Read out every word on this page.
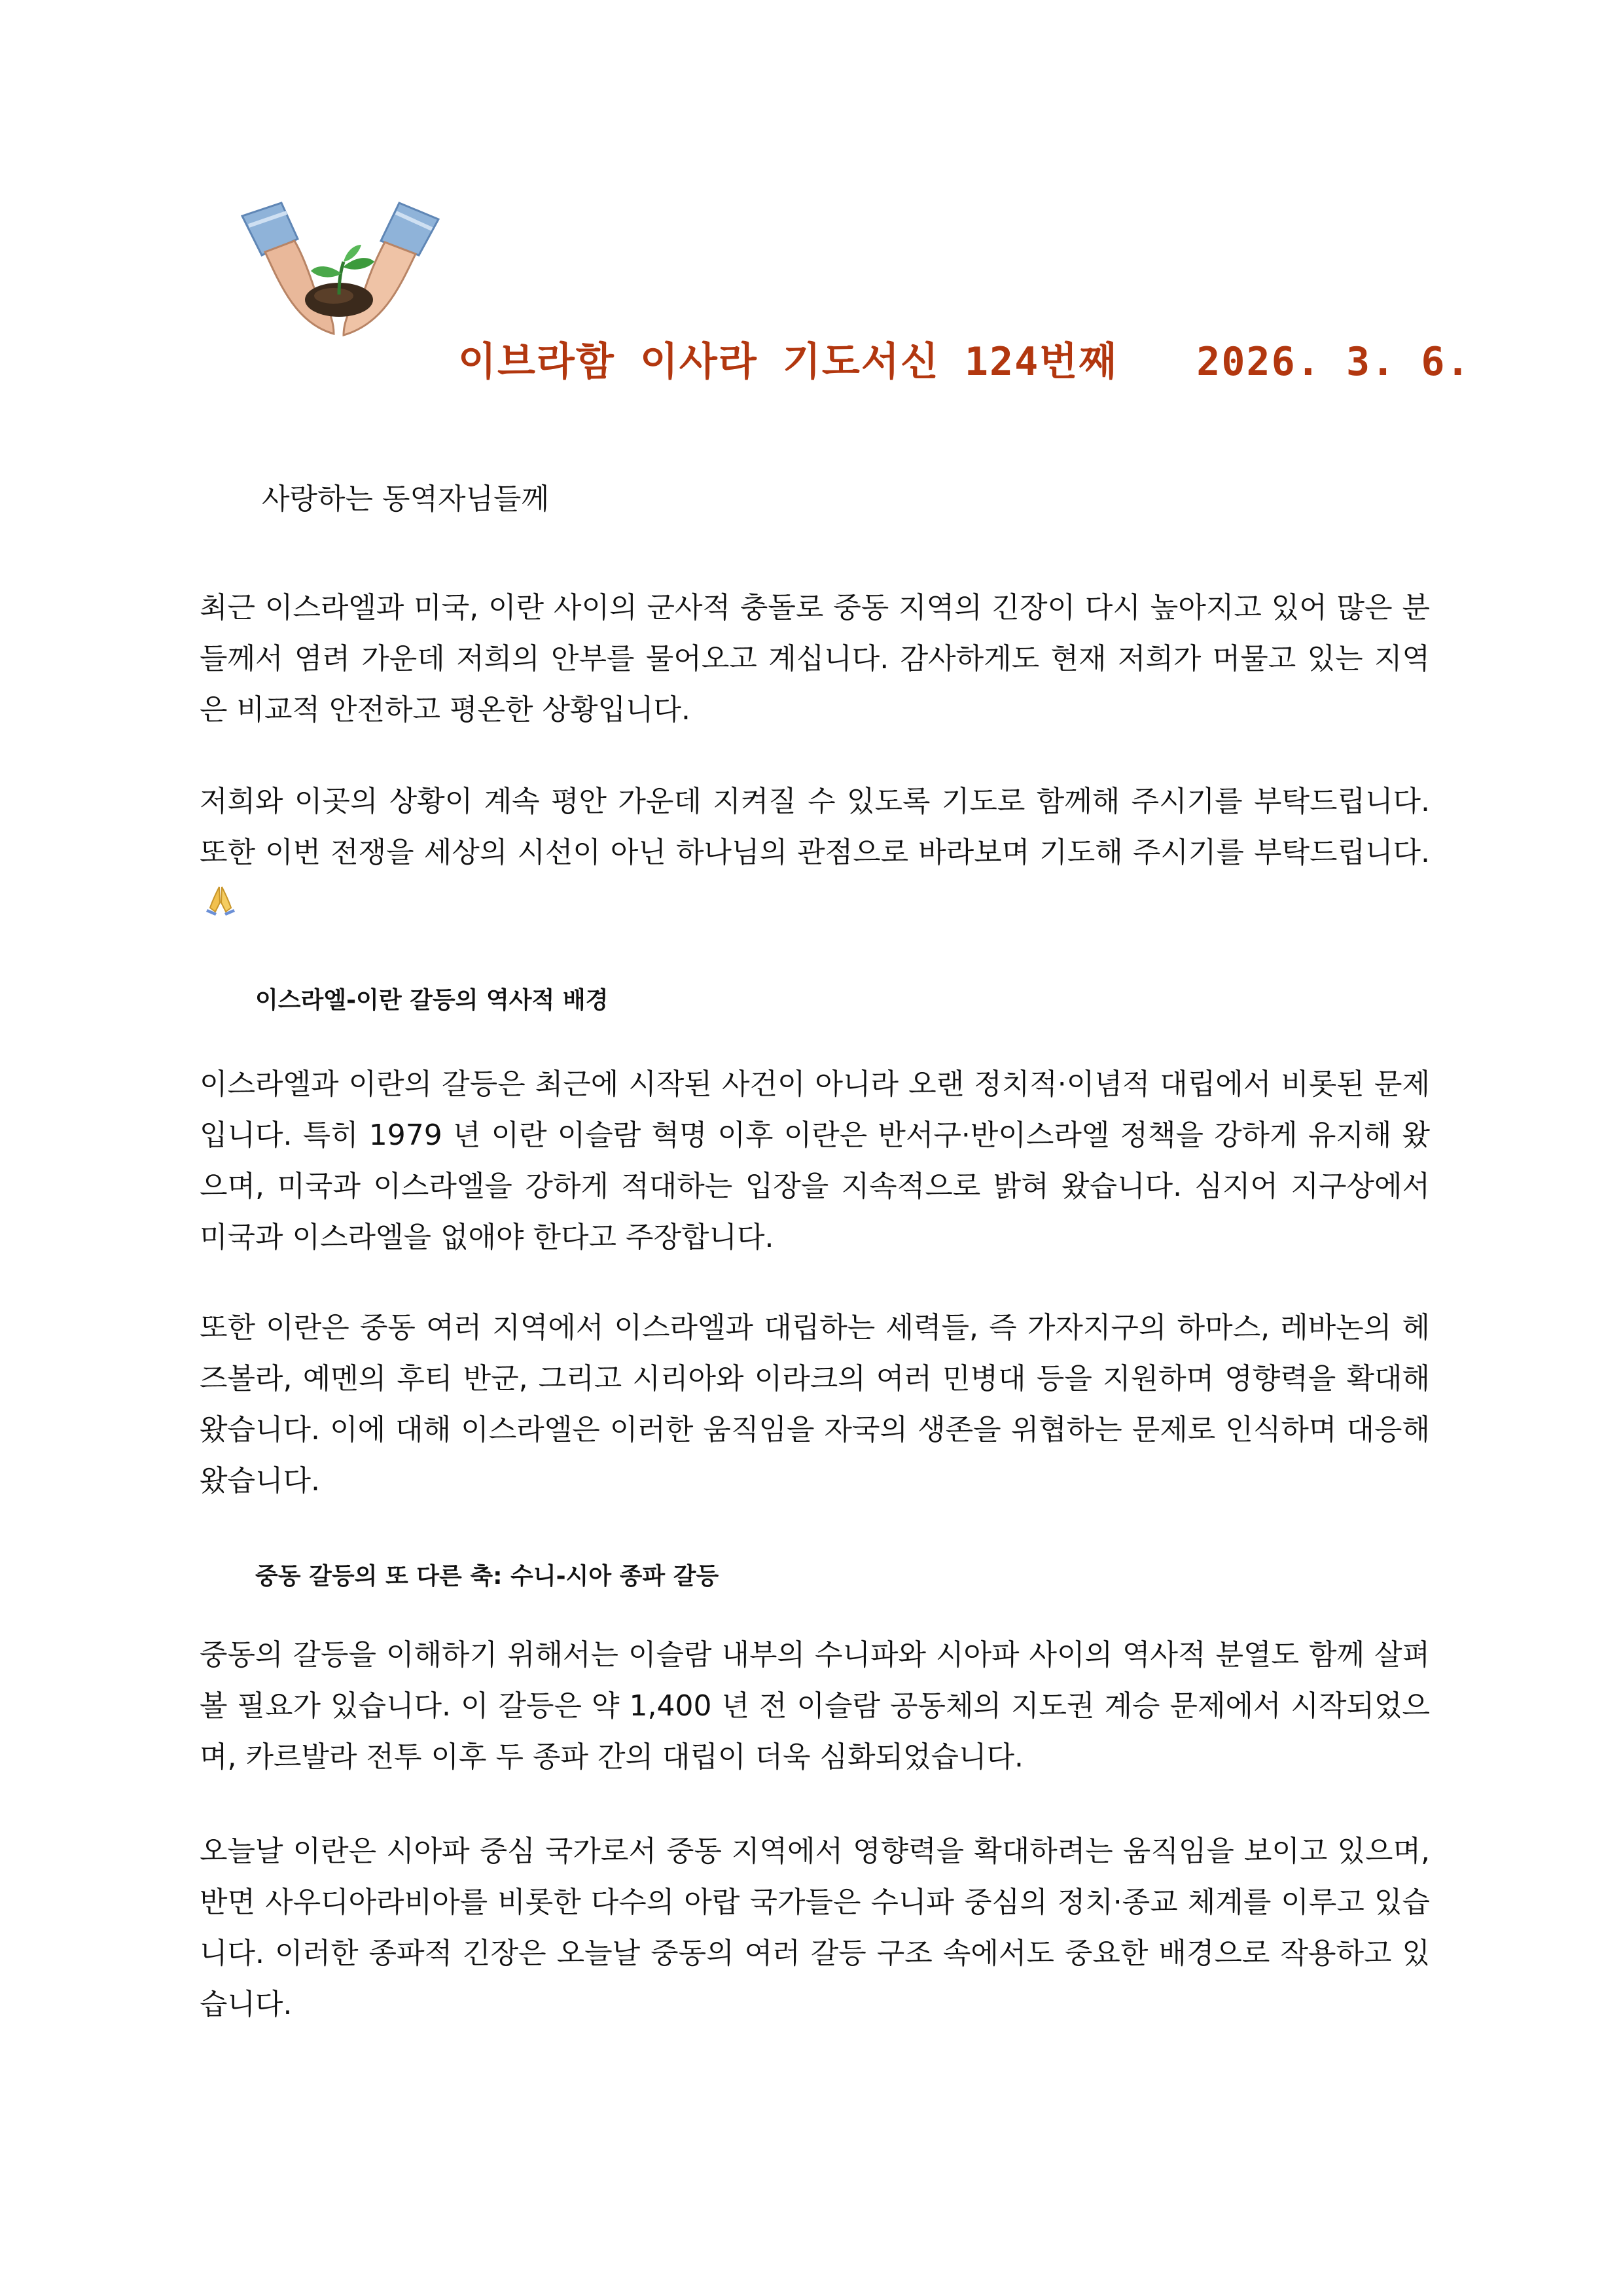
이브라함 이사라 기도서신 124번째 2026. 3. 6.
사랑하는 동역자님들께

최근 이스라엘과 미국, 이란 사이의 군사적 충돌로 중동 지역의 긴장이 다시 높아지고 있어 많은 분들께서 염려 가운데 저희의 안부를 물어오고 계십니다. 감사하게도 현재 저희가 머물고 있는 지역은 비교적 안전하고 평온한 상황입니다.

저희와 이곳의 상황이 계속 평안 가운데 지켜질 수 있도록 기도로 함께해 주시기를 부탁드립니다. 또한 이번 전쟁을 세상의 시선이 아닌 하나님의 관점으로 바라보며 기도해 주시기를 부탁드립니다.

이스라엘-이란 갈등의 역사적 배경

이스라엘과 이란의 갈등은 최근에 시작된 사건이 아니라 오랜 정치적·이념적 대립에서 비롯된 문제입니다. 특히 1979 년 이란 이슬람 혁명 이후 이란은 반서구·반이스라엘 정책을 강하게 유지해 왔으며, 미국과 이스라엘을 강하게 적대하는 입장을 지속적으로 밝혀 왔습니다. 심지어 지구상에서 미국과 이스라엘을 없애야 한다고 주장합니다.

또한 이란은 중동 여러 지역에서 이스라엘과 대립하는 세력들, 즉 가자지구의 하마스, 레바논의 헤즈볼라, 예멘의 후티 반군, 그리고 시리아와 이라크의 여러 민병대 등을 지원하며 영향력을 확대해 왔습니다. 이에 대해 이스라엘은 이러한 움직임을 자국의 생존을 위협하는 문제로 인식하며 대응해 왔습니다.

중동 갈등의 또 다른 축: 수니-시아 종파 갈등

중동의 갈등을 이해하기 위해서는 이슬람 내부의 수니파와 시아파 사이의 역사적 분열도 함께 살펴볼 필요가 있습니다. 이 갈등은 약 1,400 년 전 이슬람 공동체의 지도권 계승 문제에서 시작되었으며, 카르발라 전투 이후 두 종파 간의 대립이 더욱 심화되었습니다.

오늘날 이란은 시아파 중심 국가로서 중동 지역에서 영향력을 확대하려는 움직임을 보이고 있으며, 반면 사우디아라비아를 비롯한 다수의 아랍 국가들은 수니파 중심의 정치·종교 체계를 이루고 있습니다. 이러한 종파적 긴장은 오늘날 중동의 여러 갈등 구조 속에서도 중요한 배경으로 작용하고 있습니다.
